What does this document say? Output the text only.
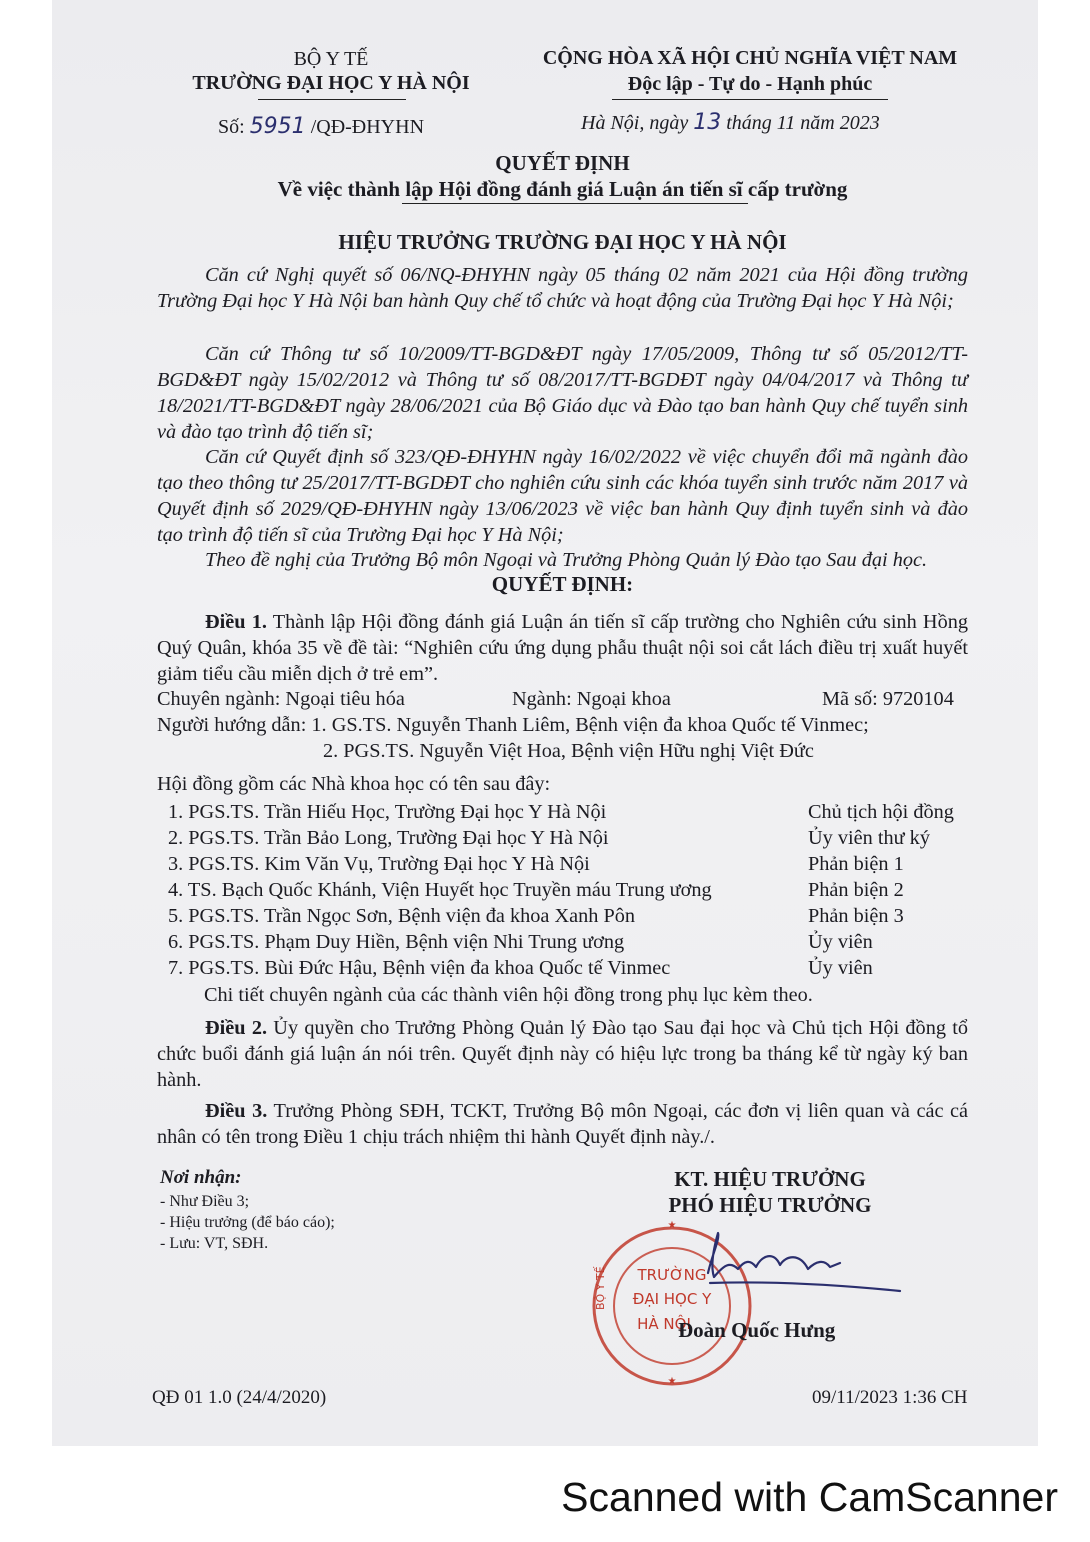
BỘ Y TẾ
TRƯỜNG ĐẠI HỌC Y HÀ NỘI
Số: 5951 /QĐ-ĐHYHN
CỘNG HÒA XÃ HỘI CHỦ NGHĨA VIỆT NAM
Độc lập - Tự do - Hạnh phúc
Hà Nội, ngày 13 tháng 11 năm 2023
QUYẾT ĐỊNH
Về việc thành lập Hội đồng đánh giá Luận án tiến sĩ cấp trường
HIỆU TRƯỞNG TRƯỜNG ĐẠI HỌC Y HÀ NỘI
Căn cứ Nghị quyết số 06/NQ-ĐHYHN ngày 05 tháng 02 năm 2021 của Hội đồng trường Trường Đại học Y Hà Nội ban hành Quy chế tổ chức và hoạt động của Trường Đại học Y Hà Nội;
Căn cứ Thông tư số 10/2009/TT-BGD&ĐT ngày 17/05/2009, Thông tư số 05/2012/TT-BGD&ĐT ngày 15/02/2012 và Thông tư số 08/2017/TT-BGDĐT ngày 04/04/2017 và Thông tư 18/2021/TT-BGD&ĐT ngày 28/06/2021 của Bộ Giáo dục và Đào tạo ban hành Quy chế tuyển sinh và đào tạo trình độ tiến sĩ;
Căn cứ Quyết định số 323/QĐ-ĐHYHN ngày 16/02/2022 về việc chuyển đổi mã ngành đào tạo theo thông tư 25/2017/TT-BGDĐT cho nghiên cứu sinh các khóa tuyển sinh trước năm 2017 và Quyết định số 2029/QĐ-ĐHYHN ngày 13/06/2023 về việc ban hành Quy định tuyển sinh và đào tạo trình độ tiến sĩ của Trường Đại học Y Hà Nội;
Theo đề nghị của Trưởng Bộ môn Ngoại và Trưởng Phòng Quản lý Đào tạo Sau đại học.
QUYẾT ĐỊNH:
Điều 1. Thành lập Hội đồng đánh giá Luận án tiến sĩ cấp trường cho Nghiên cứu sinh Hồng Quý Quân, khóa 35 về đề tài: “Nghiên cứu ứng dụng phẫu thuật nội soi cắt lách điều trị xuất huyết giảm tiểu cầu miễn dịch ở trẻ em”.
Chuyên ngành: Ngoại tiêu hóa	Ngành: Ngoại khoa	Mã số: 9720104
Người hướng dẫn: 1. GS.TS. Nguyễn Thanh Liêm, Bệnh viện đa khoa Quốc tế Vinmec;
2. PGS.TS. Nguyễn Việt Hoa, Bệnh viện Hữu nghị Việt Đức
Hội đồng gồm các Nhà khoa học có tên sau đây:
1. PGS.TS. Trần Hiếu Học, Trường Đại học Y Hà Nội	Chủ tịch hội đồng
2. PGS.TS. Trần Bảo Long, Trường Đại học Y Hà Nội	Ủy viên thư ký
3. PGS.TS. Kim Văn Vụ, Trường Đại học Y Hà Nội	Phản biện 1
4. TS. Bạch Quốc Khánh, Viện Huyết học Truyền máu Trung ương	Phản biện 2
5. PGS.TS. Trần Ngọc Sơn, Bệnh viện đa khoa Xanh Pôn	Phản biện 3
6. PGS.TS. Phạm Duy Hiền, Bệnh viện Nhi Trung ương	Ủy viên
7. PGS.TS. Bùi Đức Hậu, Bệnh viện đa khoa Quốc tế Vinmec	Ủy viên
Chi tiết chuyên ngành của các thành viên hội đồng trong phụ lục kèm theo.
Điều 2. Ủy quyền cho Trưởng Phòng Quản lý Đào tạo Sau đại học và Chủ tịch Hội đồng tổ chức buổi đánh giá luận án nói trên. Quyết định này có hiệu lực trong ba tháng kể từ ngày ký ban hành.
Điều 3. Trưởng Phòng SĐH, TCKT, Trưởng Bộ môn Ngoại, các đơn vị liên quan và các cá nhân có tên trong Điều 1 chịu trách nhiệm thi hành Quyết định này./.
Nơi nhận:
- Như Điều 3;
- Hiệu trưởng (để báo cáo);
- Lưu: VT, SĐH.
KT. HIỆU TRƯỞNG
PHÓ HIỆU TRƯỞNG
TRƯỜNG
ĐẠI HỌC Y
HÀ NỘI
BỘ Y TẾ
★
★
Đoàn Quốc Hưng
QĐ 01 1.0 (24/4/2020)	09/11/2023 1:36 CH
Scanned with CamScanner
